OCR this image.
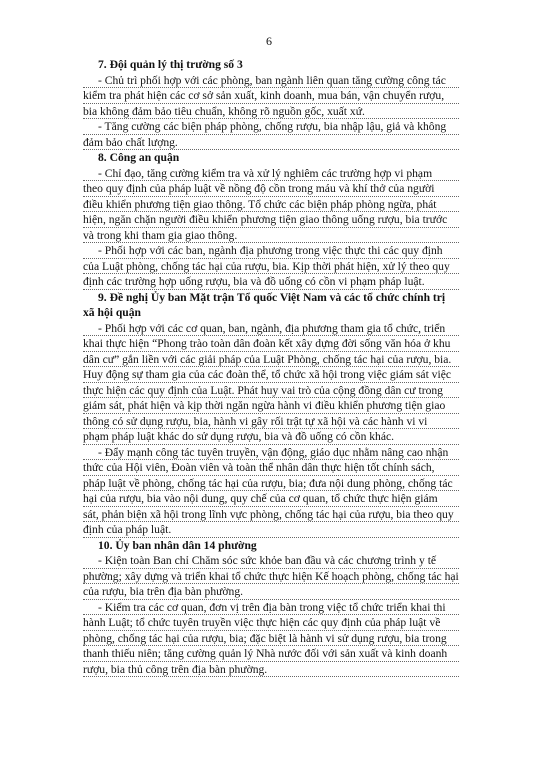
6
7. Đội quản lý thị trường số 3
- Chủ trì phối hợp với các phòng, ban ngành liên quan tăng cường công tác
kiểm tra phát hiện các cơ sở sản xuất, kinh doanh, mua bán, vận chuyển rượu,
bia không đảm bảo tiêu chuẩn, không rõ nguồn gốc, xuất xứ.
- Tăng cường các biện pháp phòng, chống rượu, bia nhập lậu, giả và không
đảm bảo chất lượng.
8. Công an quận
- Chỉ đạo, tăng cường kiểm tra và xử lý nghiêm các trường hợp vi phạm
theo quy định của pháp luật về nồng độ cồn trong máu và khí thở của người
điều khiển phương tiện giao thông. Tổ chức các biện pháp phòng ngừa, phát
hiện, ngăn chặn người điều khiển phương tiện giao thông uống rượu, bia trước
và trong khi tham gia giao thông.
- Phối hợp với các ban, ngành địa phương trong việc thực thi các quy định
của Luật phòng, chống tác hại của rượu, bia. Kịp thời phát hiện, xử lý theo quy
định các trường hợp uống rượu, bia và đồ uống có cồn vi phạm pháp luật.
9. Đề nghị Ủy ban Mặt trận Tổ quốc Việt Nam và các tổ chức chính trị
xã hội quận
- Phối hợp với các cơ quan, ban, ngành, địa phương tham gia tổ chức, triển
khai thực hiện “Phong trào toàn dân đoàn kết xây dựng đời sống văn hóa ở khu
dân cư” gắn liền với các giải pháp của Luật Phòng, chống tác hại của rượu, bia.
Huy động sự tham gia của các đoàn thể, tổ chức xã hội trong việc giám sát việc
thực hiện các quy định của Luật. Phát huy vai trò của cộng đồng dân cư trong
giám sát, phát hiện và kịp thời ngăn ngừa hành vi điều khiển phương tiện giao
thông có sử dụng rượu, bia, hành vi gây rối trật tự xã hội và các hành vi vi
phạm pháp luật khác do sử dụng rượu, bia và đồ uống có cồn khác.
- Đẩy mạnh công tác tuyên truyền, vận động, giáo dục nhằm nâng cao nhận
thức của Hội viên, Đoàn viên và toàn thể nhân dân thực hiện tốt chính sách,
pháp luật về phòng, chống tác hại của rượu, bia; đưa nội dung phòng, chống tác
hại của rượu, bia vào nội dung, quy chế của cơ quan, tổ chức thực hiện giám
sát, phản biện xã hội trong lĩnh vực phòng, chống tác hại của rượu, bia theo quy
định của pháp luật.
10. Ủy ban nhân dân 14 phường
- Kiện toàn Ban chỉ Chăm sóc sức khỏe ban đầu và các chương trình y tế
phường; xây dựng và triển khai tổ chức thực hiện Kế hoạch phòng, chống tác hại
của rượu, bia trên địa bàn phường.
- Kiểm tra các cơ quan, đơn vị trên địa bàn trong việc tổ chức triển khai thi
hành Luật; tổ chức tuyên truyền việc thực hiện các quy định của pháp luật về
phòng, chống tác hại của rượu, bia; đặc biệt là hành vi sử dụng rượu, bia trong
thanh thiếu niên; tăng cường quản lý Nhà nước đối với sản xuất và kinh doanh
rượu, bia thủ công trên địa bàn phường.
